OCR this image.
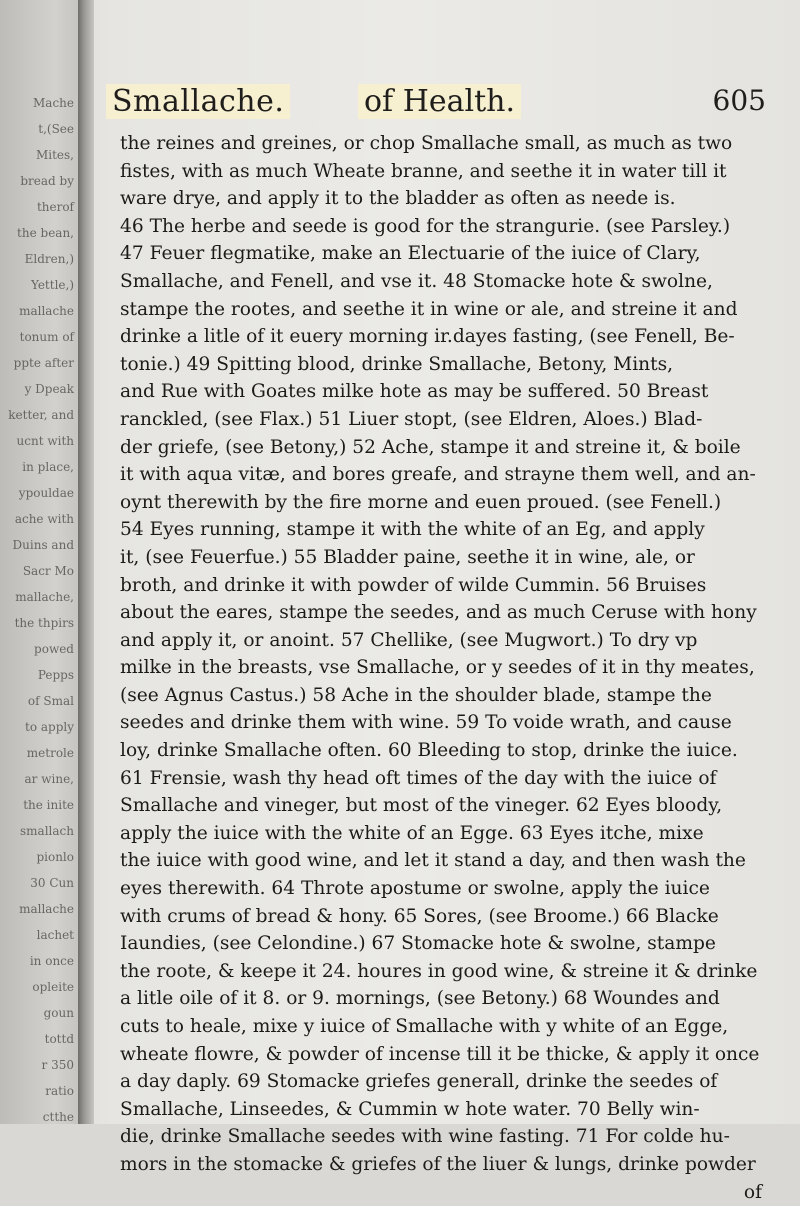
Mache
t,(See
Mites,
bread by
therof
the bean,
Eldren,)
Yettle,)
mallache
tonum of
ppte after
y Dpeak
ketter, and
ucnt with
in place,
ypouldae
ache with
Duins and
Sacr Mo
mallache,
the thpirs
powed
Pepps
of Smal
to apply
metrole
ar wine,
the inite
smallach
pionlo
30 Cun
mallache
lachet
in once
opleite
goun
tottd
r 350
ratio
ctthe
Smallache.	of Health.	605
the reines and greines, or chop Smallache small, as much as two
fistes, with as much Wheate branne, and seethe it in water till it
ware drye, and apply it to the bladder as often as neede is.
46 The herbe and seede is good for the strangurie. (see Parsley.)
47 Feuer flegmatike, make an Electuarie of the iuice of Clary,
Smallache, and Fenell, and vse it. 48 Stomacke hote & swolne,
stampe the rootes, and seethe it in wine or ale, and streine it and
drinke a litle of it euery morning ir.dayes fasting, (see Fenell, Be-
tonie.) 49 Spitting blood, drinke Smallache, Betony, Mints,
and Rue with Goates milke hote as may be suffered. 50 Breast
ranckled, (see Flax.) 51 Liuer stopt, (see Eldren, Aloes.) Blad-
der griefe, (see Betony,) 52 Ache, stampe it and streine it, & boile
it with aqua vitæ, and bores greafe, and strayne them well, and an-
oynt therewith by the fire morne and euen proued. (see Fenell.)
54 Eyes running, stampe it with the white of an Eg, and apply
it, (see Feuerfue.) 55 Bladder paine, seethe it in wine, ale, or
broth, and drinke it with powder of wilde Cummin. 56 Bruises
about the eares, stampe the seedes, and as much Ceruse with hony
and apply it, or anoint. 57 Chellike, (see Mugwort.) To dry vp
milke in the breasts, vse Smallache, or y seedes of it in thy meates,
(see Agnus Castus.) 58 Ache in the shoulder blade, stampe the
seedes and drinke them with wine. 59 To voide wrath, and cause
loy, drinke Smallache often. 60 Bleeding to stop, drinke the iuice.
61 Frensie, wash thy head oft times of the day with the iuice of
Smallache and vineger, but most of the vineger. 62 Eyes bloody,
apply the iuice with the white of an Egge. 63 Eyes itche, mixe
the iuice with good wine, and let it stand a day, and then wash the
eyes therewith. 64 Throte apostume or swolne, apply the iuice
with crums of bread & hony. 65 Sores, (see Broome.) 66 Blacke
Iaundies, (see Celondine.) 67 Stomacke hote & swolne, stampe
the roote, & keepe it 24. houres in good wine, & streine it & drinke
a litle oile of it 8. or 9. mornings, (see Betony.) 68 Woundes and
cuts to heale, mixe y iuice of Smallache with y white of an Egge,
wheate flowre, & powder of incense till it be thicke, & apply it once
a day daply. 69 Stomacke griefes generall, drinke the seedes of
Smallache, Linseedes, & Cummin w hote water. 70 Belly win-
die, drinke Smallache seedes with wine fasting. 71 For colde hu-
mors in the stomacke & griefes of the liuer & lungs, drinke powder
of
